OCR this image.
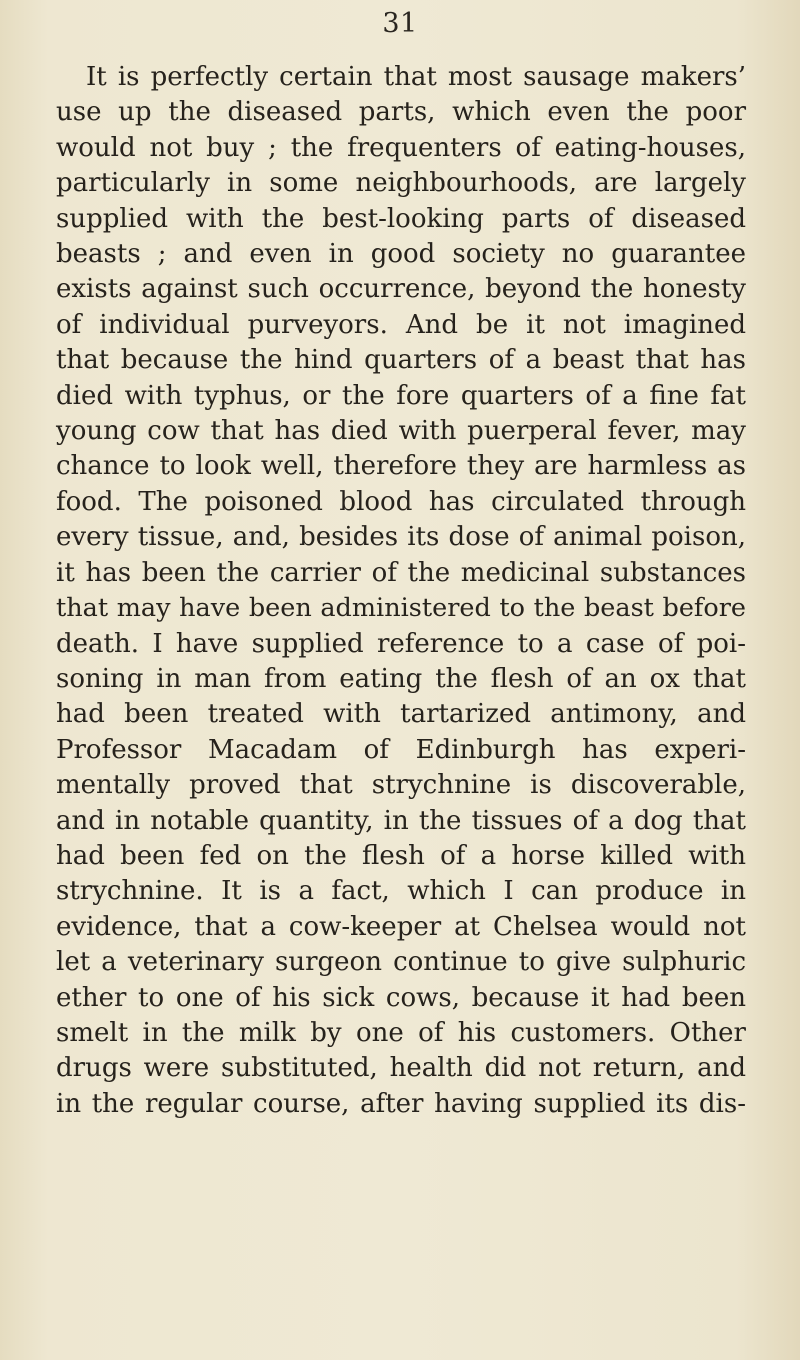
31
It is perfectly certain that most sausage makers’
use up the diseased parts, which even the poor
would not buy ; the frequenters of eating-houses,
particularly in some neighbourhoods, are largely
supplied with the best-looking parts of diseased
beasts ; and even in good society no guarantee
exists against such occurrence, beyond the honesty
of individual purveyors. And be it not imagined
that because the hind quarters of a beast that has
died with typhus, or the fore quarters of a fine fat
young cow that has died with puerperal fever, may
chance to look well, therefore they are harmless as
food. The poisoned blood has circulated through
every tissue, and, besides its dose of animal poison,
it has been the carrier of the medicinal substances
that may have been administered to the beast before
death. I have supplied reference to a case of poi-
soning in man from eating the flesh of an ox that
had been treated with tartarized antimony, and
Professor Macadam of Edinburgh has experi-
mentally proved that strychnine is discoverable,
and in notable quantity, in the tissues of a dog that
had been fed on the flesh of a horse killed with
strychnine. It is a fact, which I can produce in
evidence, that a cow-keeper at Chelsea would not
let a veterinary surgeon continue to give sulphuric
ether to one of his sick cows, because it had been
smelt in the milk by one of his customers. Other
drugs were substituted, health did not return, and
in the regular course, after having supplied its dis-
